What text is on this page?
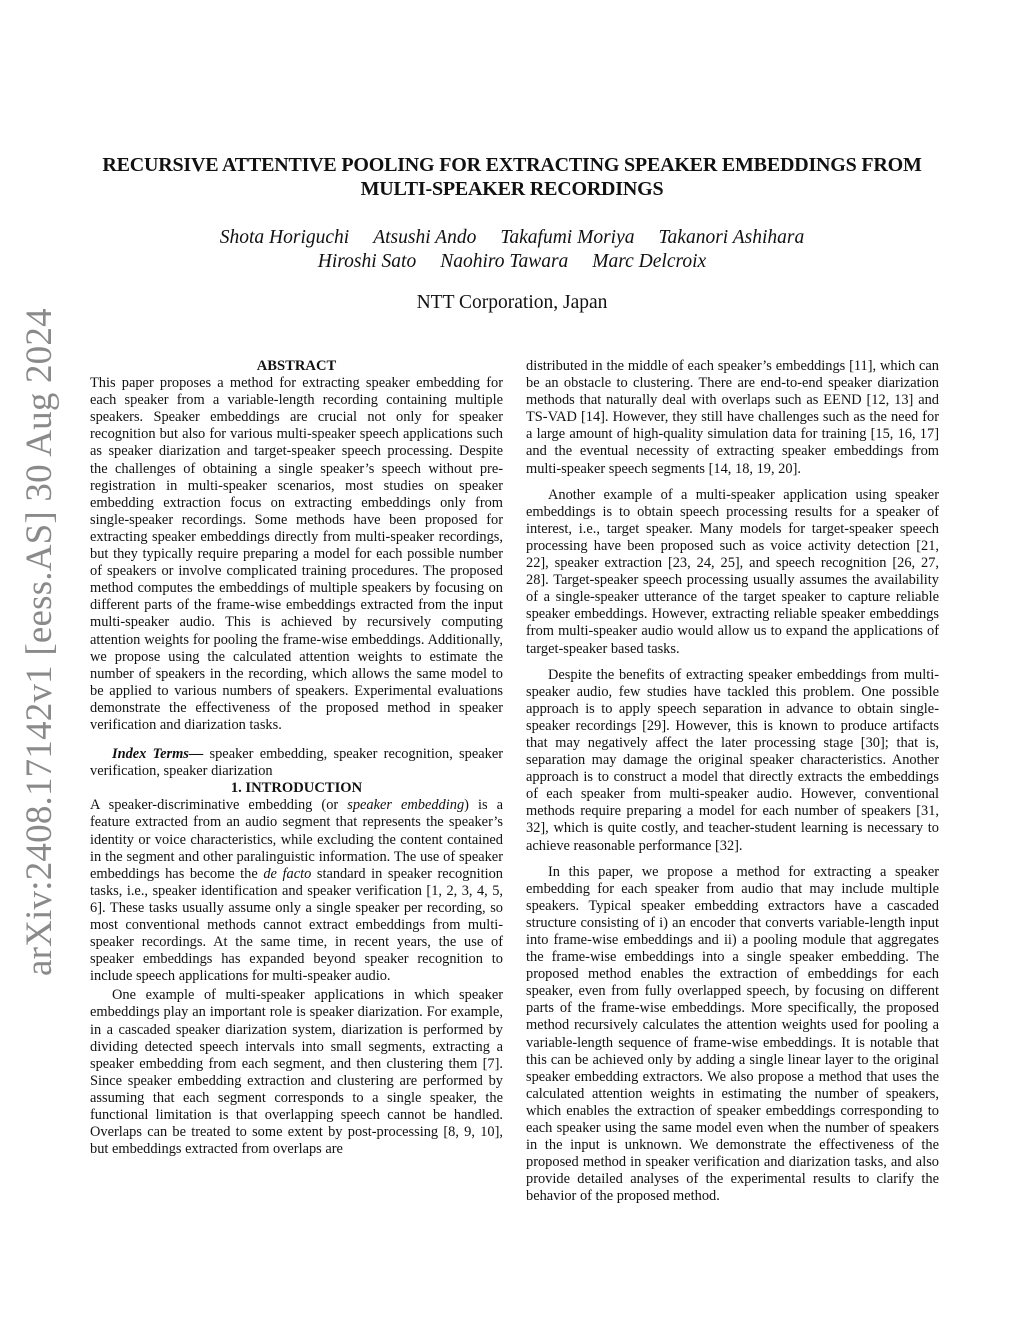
arXiv:2408.17142v1 [eess.AS] 30 Aug 2024
RECURSIVE ATTENTIVE POOLING FOR EXTRACTING SPEAKER EMBEDDINGS FROM
MULTI-SPEAKER RECORDINGS
Shota Horiguchi Atsushi Ando Takafumi Moriya Takanori Ashihara
Hiroshi Sato Naohiro Tawara Marc Delcroix
NTT Corporation, Japan

ABSTRACT

This paper proposes a method for extracting speaker embedding for each speaker from a variable-length recording containing multiple speakers. Speaker embeddings are crucial not only for speaker recognition but also for various multi-speaker speech applications such as speaker diarization and target-speaker speech processing. Despite the challenges of obtaining a single speaker’s speech without pre-registration in multi-speaker scenarios, most studies on speaker embedding extraction focus on extracting embeddings only from single-speaker recordings. Some methods have been proposed for extracting speaker embeddings directly from multi-speaker recordings, but they typically require preparing a model for each possible number of speakers or involve complicated training procedures. The proposed method computes the embeddings of multiple speakers by focusing on different parts of the frame-wise embeddings extracted from the input multi-speaker audio. This is achieved by recursively computing attention weights for pooling the frame-wise embeddings. Additionally, we propose using the calculated attention weights to estimate the number of speakers in the recording, which allows the same model to be applied to various numbers of speakers. Experimental evaluations demonstrate the effectiveness of the proposed method in speaker verification and diarization tasks.

Index Terms— speaker embedding, speaker recognition, speaker verification, speaker diarization

1. INTRODUCTION

A speaker-discriminative embedding (or speaker embedding) is a feature extracted from an audio segment that represents the speaker’s identity or voice characteristics, while excluding the content contained in the segment and other paralinguistic information. The use of speaker embeddings has become the de facto standard in speaker recognition tasks, i.e., speaker identification and speaker verification [1, 2, 3, 4, 5, 6]. These tasks usually assume only a single speaker per recording, so most conventional methods cannot extract embeddings from multi-speaker recordings. At the same time, in recent years, the use of speaker embeddings has expanded beyond speaker recognition to include speech applications for multi-speaker audio.

One example of multi-speaker applications in which speaker embeddings play an important role is speaker diarization. For example, in a cascaded speaker diarization system, diarization is performed by dividing detected speech intervals into small segments, extracting a speaker embedding from each segment, and then clustering them [7]. Since speaker embedding extraction and clustering are performed by assuming that each segment corresponds to a single speaker, the functional limitation is that overlapping speech cannot be handled. Overlaps can be treated to some extent by post-processing [8, 9, 10], but embeddings extracted from overlaps are

distributed in the middle of each speaker’s embeddings [11], which can be an obstacle to clustering. There are end-to-end speaker diarization methods that naturally deal with overlaps such as EEND [12, 13] and TS-VAD [14]. However, they still have challenges such as the need for a large amount of high-quality simulation data for training [15, 16, 17] and the eventual necessity of extracting speaker embeddings from multi-speaker speech segments [14, 18, 19, 20].

Another example of a multi-speaker application using speaker embeddings is to obtain speech processing results for a speaker of interest, i.e., target speaker. Many models for target-speaker speech processing have been proposed such as voice activity detection [21, 22], speaker extraction [23, 24, 25], and speech recognition [26, 27, 28]. Target-speaker speech processing usually assumes the availability of a single-speaker utterance of the target speaker to capture reliable speaker embeddings. However, extracting reliable speaker embeddings from multi-speaker audio would allow us to expand the applications of target-speaker based tasks.

Despite the benefits of extracting speaker embeddings from multi-speaker audio, few studies have tackled this problem. One possible approach is to apply speech separation in advance to obtain single-speaker recordings [29]. However, this is known to produce artifacts that may negatively affect the later processing stage [30]; that is, separation may damage the original speaker characteristics. Another approach is to construct a model that directly extracts the embeddings of each speaker from multi-speaker audio. However, conventional methods require preparing a model for each number of speakers [31, 32], which is quite costly, and teacher-student learning is necessary to achieve reasonable performance [32].

In this paper, we propose a method for extracting a speaker embedding for each speaker from audio that may include multiple speakers. Typical speaker embedding extractors have a cascaded structure consisting of i) an encoder that converts variable-length input into frame-wise embeddings and ii) a pooling module that aggregates the frame-wise embeddings into a single speaker embedding. The proposed method enables the extraction of embeddings for each speaker, even from fully overlapped speech, by focusing on different parts of the frame-wise embeddings. More specifically, the proposed method recursively calculates the attention weights used for pooling a variable-length sequence of frame-wise embeddings. It is notable that this can be achieved only by adding a single linear layer to the original speaker embedding extractors. We also propose a method that uses the calculated attention weights in estimating the number of speakers, which enables the extraction of speaker embeddings corresponding to each speaker using the same model even when the number of speakers in the input is unknown. We demonstrate the effectiveness of the proposed method in speaker verification and diarization tasks, and also provide detailed analyses of the experimental results to clarify the behavior of the proposed method.
